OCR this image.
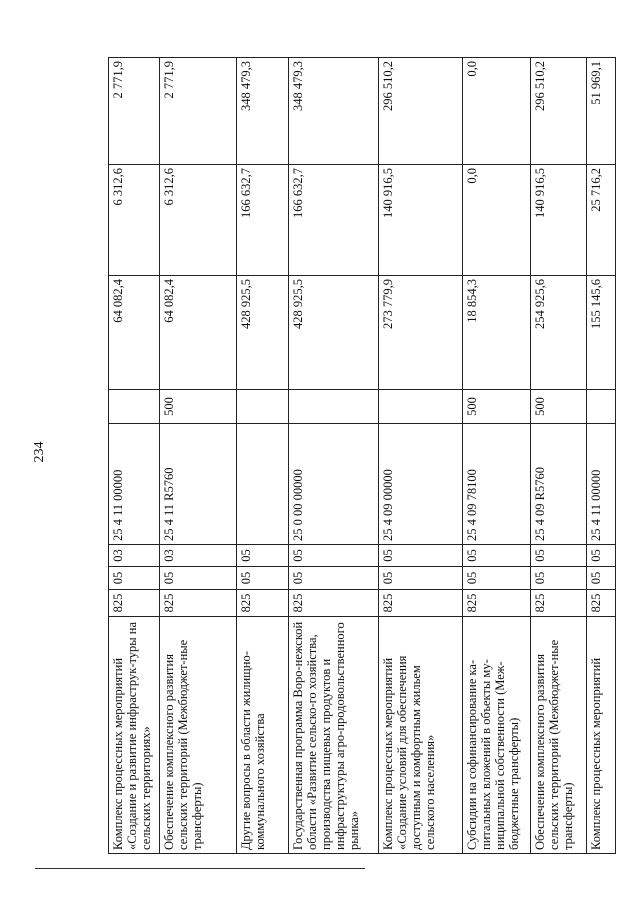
234
Комплекс процессных мероприятий «Создание и развитие инфраструк-туры на сельских территориях»	825	05	03	25 4 11 00000		64 082,4	6 312,6	2 771,9
Обеспечение комплексного развития сельских территорий (Межбюджет-ные трансферты)	825	05	03	25 4 11 R5760	500	64 082,4	6 312,6	2 771,9
Другие вопросы в области жилищно-коммунального хозяйства	825	05	05			428 925,5	166 632,7	348 479,3
Государственная программа Воро-нежской области «Развитие сельско-го хозяйства, производства пищевых продуктов и инфраструктуры агро-продовольственного рынка»	825	05	05	25 0 00 00000		428 925,5	166 632,7	348 479,3
Комплекс процессных мероприятий «Создание условий для обеспечения доступным и комфортным жильем сельского населения»	825	05	05	25 4 09 00000		273 779,9	140 916,5	296 510,2
Субсидии на софинансирование ка-питальных вложений в объекты му-ниципальной собственности (Меж-бюджетные трансферты)	825	05	05	25 4 09 78100	500	18 854,3	0,0	0,0
Обеспечение комплексного развития сельских территорий (Межбюджет-ные трансферты)	825	05	05	25 4 09 R5760	500	254 925,6	140 916,5	296 510,2
Комплекс процессных мероприятий	825	05	05	25 4 11 00000		155 145,6	25 716,2	51 969,1
